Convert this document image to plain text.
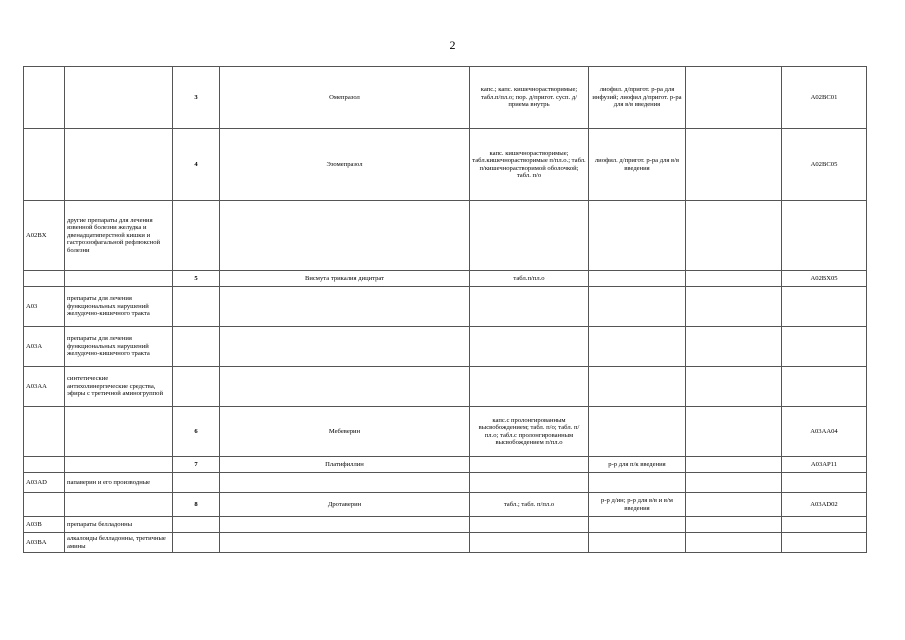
2
		3	Омепразол	капс.; капс. кишечнорастворимые; табл.п/пл.о; пор. д/пригот. сусп. д/приема внутрь	лиофил. д/пригот. р-ра для инфузий; лиофил д/пригот. р-ра для в/в введения		A02BC01
		4	Эзомепразол	капс. кишечнорастворимые; табл.кишечнорастворимые п/пл.о.; табл. п/кишечнорастворимой оболочкой; табл. п/о	лиофил. д/пригот. р-ра для в/в введения		A02BC05
A02BX	другие препараты для лечения язвенной болезни желудка и двенадцатиперстной кишки и гастроэзофагальной рефлюксной болезни						
		5	Висмута трикалия дицитрат	табл.п/пл.о			A02BX05
A03	препараты для лечения функциональных нарушений желудочно-кишечного тракта						
A03A	препараты для лечения функциональных нарушений желудочно-кишечного тракта						
A03AA	синтетические антихолинергические средства, эфиры с третичной аминогруппой						
		6	Мебеверин	капс.с пролонгированным высвобождением; табл. п/о; табл. п/пл.о; табл.с пролонгированным высвобождением п/пл.о			A03AA04
		7	Платифиллин		р-р для п/к введения		A03AP11
A03AD	папаверин и его производные						
		8	Дротаверин	табл.; табл. п/пл.о	р-р д/ин; р-р для в/в и в/м введения		A03AD02
A03B	препараты белладонны						
A03BA	алкалоиды белладонны, третичные амины						
